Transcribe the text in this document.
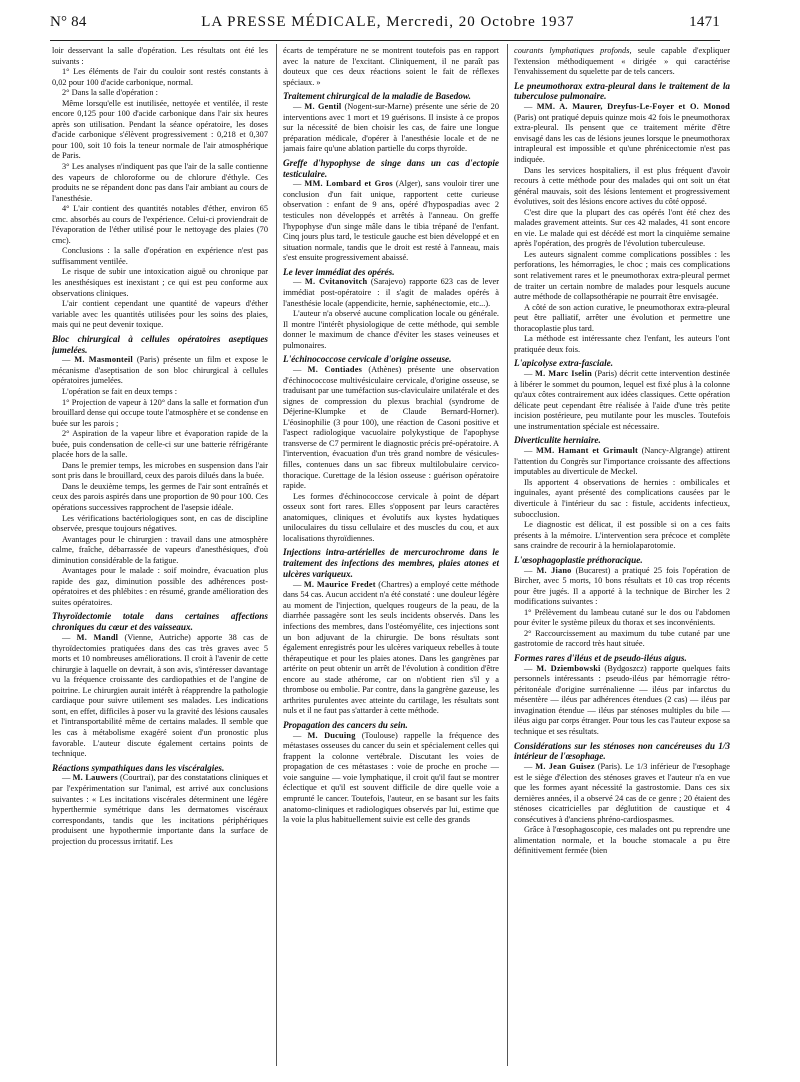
N° 84	LA PRESSE MÉDICALE, Mercredi, 20 Octobre 1937	1471

loir desservant la salle d'opération. Les résultats ont été les suivants :

1° Les éléments de l'air du couloir sont restés constants à 0,02 pour 100 d'acide carbonique, normal.

2° Dans la salle d'opération :

Même lorsqu'elle est inutilisée, nettoyée et ventilée, il reste encore 0,125 pour 100 d'acide carbonique dans l'air six heures après son utilisation. Pendant la séance opératoire, les doses d'acide carbonique s'élèvent progressivement : 0,218 et 0,307 pour 100, soit 10 fois la teneur normale de l'air atmosphérique de Paris.

3° Les analyses n'indiquent pas que l'air de la salle contienne des vapeurs de chloroforme ou de chlorure d'éthyle. Ces produits ne se répandent donc pas dans l'air ambiant au cours de l'anesthésie.

4° L'air contient des quantités notables d'éther, environ 65 cmc. absorbés au cours de l'expérience. Celui-ci proviendrait de l'évaporation de l'éther utilisé pour le nettoyage des plaies (70 cmc).

Conclusions : la salle d'opération en expérience n'est pas suffisamment ventilée.

Le risque de subir une intoxication aiguë ou chronique par les anesthésiques est inexistant ; ce qui est peu conforme aux observations cliniques.

L'air contient cependant une quantité de vapeurs d'éther variable avec les quantités utilisées pour les soins des plaies, mais qui ne peut devenir toxique.

Bloc chirurgical à cellules opératoires aseptiques jumelées.

— M. Masmonteil (Paris) présente un film et expose le mécanisme d'aseptisation de son bloc chirurgical à cellules opératoires jumelées.

L'opération se fait en deux temps :

1° Projection de vapeur à 120° dans la salle et formation d'un brouillard dense qui occupe toute l'atmosphère et se condense en buée sur les parois ;

2° Aspiration de la vapeur libre et évaporation rapide de la buée, puis condensation de celle-ci sur une batterie réfrigérante placée hors de la salle.

Dans le premier temps, les microbes en suspension dans l'air sont pris dans le brouillard, ceux des parois dilués dans la buée.

Dans le deuxième temps, les germes de l'air sont entraînés et ceux des parois aspirés dans une proportion de 90 pour 100. Ces opérations successives rapprochent de l'asepsie idéale.

Les vérifications bactériologiques sont, en cas de discipline observée, presque toujours négatives.

Avantages pour le chirurgien : travail dans une atmosphère calme, fraîche, débarrassée de vapeurs d'anesthésiques, d'où diminution considérable de la fatigue.

Avantages pour le malade : soif moindre, évacuation plus rapide des gaz, diminution possible des adhérences post-opératoires et des phlébites : en résumé, grande amélioration des suites opératoires.

Thyroïdectomie totale dans certaines affections chroniques du cœur et des vaisseaux.

— M. Mandl (Vienne, Autriche) apporte 38 cas de thyroïdectomies pratiquées dans des cas très graves avec 5 morts et 10 nombreuses améliorations. Il croit à l'avenir de cette chirurgie à laquelle on devrait, à son avis, s'intéresser davantage vu la fréquence croissante des cardiopathies et de l'angine de poitrine. Le chirurgien aurait intérêt à réapprendre la pathologie cardiaque pour suivre utilement ses malades. Les indications sont, en effet, difficiles à poser vu la gravité des lésions causales et l'intransportabilité même de certains malades. Il semble que les cas à métabolisme exagéré soient d'un pronostic plus favorable. L'auteur discute également certains points de technique.

Réactions sympathiques dans les viscéralgies.

— M. Lauwers (Courtrai), par des constatations cliniques et par l'expérimentation sur l'animal, est arrivé aux conclusions suivantes : « Les incitations viscérales déterminent une légère hyperthermie symétrique dans les dermatomes viscéraux correspondants, tandis que les incitations périphériques produisent une hypothermie importante dans la surface de projection du processus irritatif. Les

écarts de température ne se montrent toutefois pas en rapport avec la nature de l'excitant. Cliniquement, il ne paraît pas douteux que ces deux réactions soient le fait de réflexes spéciaux. »

Traitement chirurgical de la maladie de Basedow.

— M. Gentil (Nogent-sur-Marne) présente une série de 20 interventions avec 1 mort et 19 guérisons. Il insiste à ce propos sur la nécessité de bien choisir les cas, de faire une longue préparation médicale, d'opérer à l'anesthésie locale et de ne jamais faire qu'une ablation partielle du corps thyroïde.

Greffe d'hypophyse de singe dans un cas d'ectopie testiculaire.

— MM. Lombard et Gros (Alger), sans vouloir tirer une conclusion d'un fait unique, rapportent cette curieuse observation : enfant de 9 ans, opéré d'hypospadias avec 2 testicules non développés et arrêtés à l'anneau. On greffe l'hypophyse d'un singe mâle dans le tibia trépané de l'enfant. Cinq jours plus tard, le testicule gauche est bien développé et en situation normale, tandis que le droit est resté à l'anneau, mais s'est ensuite progressivement abaissé.

Le lever immédiat des opérés.

— M. Cvitanovitch (Sarajevo) rapporte 623 cas de lever immédiat post-opératoire : il s'agit de malades opérés à l'anesthésie locale (appendicite, hernie, saphénectomie, etc...).

L'auteur n'a observé aucune complication locale ou générale. Il montre l'intérêt physiologique de cette méthode, qui semble donner le maximum de chance d'éviter les stases veineuses et pulmonaires.

L'échinococcose cervicale d'origine osseuse.

— M. Contiades (Athènes) présente une observation d'échinococcose multivésiculaire cervicale, d'origine osseuse, se traduisant par une tuméfaction sus-claviculaire unilatérale et des signes de compression du plexus brachial (syndrome de Déjerine-Klumpke et de Claude Bernard-Horner). L'éosinophilie (3 pour 100), une réaction de Casoni positive et l'aspect radiologique vacuolaire polykystique de l'apophyse transverse de C7 permirent le diagnostic précis pré-opératoire. A l'intervention, évacuation d'un très grand nombre de vésicules-filles, contenues dans un sac fibreux multilobulaire cervico-thoracique. Curettage de la lésion osseuse : guérison opératoire rapide.

Les formes d'échinococcose cervicale à point de départ osseux sont fort rares. Elles s'opposent par leurs caractères anatomiques, cliniques et évolutifs aux kystes hydatiques uniloculaires du tissu cellulaire et des muscles du cou, et aux localisations thyroïdiennes.

Injections intra-artérielles de mercurochrome dans le traitement des infections des membres, plaies atones et ulcères variqueux.

— M. Maurice Fredet (Chartres) a employé cette méthode dans 54 cas. Aucun accident n'a été constaté : une douleur légère au moment de l'injection, quelques rougeurs de la peau, de la diarrhée passagère sont les seuls incidents observés. Dans les infections des membres, dans l'ostéomyélite, ces injections sont un bon adjuvant de la chirurgie. De bons résultats sont également enregistrés pour les ulcères variqueux rebelles à toute thérapeutique et pour les plaies atones. Dans les gangrènes par artérite on peut obtenir un arrêt de l'évolution à condition d'être encore au stade athérome, car on n'obtient rien s'il y a thrombose ou embolie. Par contre, dans la gangrène gazeuse, les arthrites purulentes avec atteinte du cartilage, les résultats sont nuls et il ne faut pas s'attarder à cette méthode.

Propagation des cancers du sein.

— M. Ducuing (Toulouse) rappelle la fréquence des métastases osseuses du cancer du sein et spécialement celles qui frappent la colonne vertébrale. Discutant les voies de propagation de ces métastases : voie de proche en proche — voie sanguine — voie lymphatique, il croit qu'il faut se montrer éclectique et qu'il est souvent difficile de dire quelle voie a emprunté le cancer. Toutefois, l'auteur, en se basant sur les faits anatomo-cliniques et radiologiques observés par lui, estime que la voie la plus habituellement suivie est celle des grands

courants lymphatiques profonds, seule capable d'expliquer l'extension méthodiquement « dirigée » qui caractérise l'envahissement du squelette par de tels cancers.

Le pneumothorax extra-pleural dans le traitement de la tuberculose pulmonaire.

— MM. A. Maurer, Dreyfus-Le-Foyer et O. Monod (Paris) ont pratiqué depuis quinze mois 42 fois le pneumothorax extra-pleural. Ils pensent que ce traitement mérite d'être envisagé dans les cas de lésions jeunes lorsque le pneumothorax intrapleural est impossible et qu'une phrénicectomie n'est pas indiquée.

Dans les services hospitaliers, il est plus fréquent d'avoir recours à cette méthode pour des malades qui ont soit un état général mauvais, soit des lésions lentement et progressivement évolutives, soit des lésions encore actives du côté opposé.

C'est dire que la plupart des cas opérés l'ont été chez des malades gravement atteints. Sur ces 42 malades, 41 sont encore en vie. Le malade qui est décédé est mort la cinquième semaine après l'opération, des progrès de l'évolution tuberculeuse.

Les auteurs signalent comme complications possibles : les perforations, les hémorragies, le choc ; mais ces complications sont relativement rares et le pneumothorax extra-pleural permet de traiter un certain nombre de malades pour lesquels aucune autre méthode de collapsothérapie ne pourrait être envisagée.

A côté de son action curative, le pneumothorax extra-pleural peut être palliatif, arrêter une évolution et permettre une thoracoplastie plus tard.

La méthode est intéressante chez l'enfant, les auteurs l'ont pratiquée deux fois.

L'apicolyse extra-fasciale.

— M. Marc Iselin (Paris) décrit cette intervention destinée à libérer le sommet du poumon, lequel est fixé plus à la colonne qu'aux côtes contrairement aux idées classiques. Cette opération délicate peut cependant être réalisée à l'aide d'une très petite incision postérieure, peu mutilante pour les muscles. Toutefois une instrumentation spéciale est nécessaire.

Diverticulite herniaire.

— MM. Hamant et Grimault (Nancy-Algrange) attirent l'attention du Congrès sur l'importance croissante des affections imputables au diverticule de Meckel.

Ils apportent 4 observations de hernies : ombilicales et inguinales, ayant présenté des complications causées par le diverticule à l'intérieur du sac : fistule, accidents infectieux, subocclusion.

Le diagnostic est délicat, il est possible si on a ces faits présents à la mémoire. L'intervention sera précoce et complète sans craindre de recourir à la herniolaparotomie.

L'œsophagoplastie préthoracique.

— M. Jiano (Bucarest) a pratiqué 25 fois l'opération de Bircher, avec 5 morts, 10 bons résultats et 10 cas trop récents pour être jugés. Il a apporté à la technique de Bircher les 2 modifications suivantes :

1° Prélèvement du lambeau cutané sur le dos ou l'abdomen pour éviter le système pileux du thorax et ses inconvénients.

2° Raccourcissement au maximum du tube cutané par une gastrotomie de raccord très haut située.

Formes rares d'iléus et de pseudo-iléus aigus.

— M. Dziembowski (Bydgoszcz) rapporte quelques faits personnels intéressants : pseudo-iléus par hémorragie rétro-péritonéale d'origine surrénalienne — iléus par infarctus du mésentère — iléus par adhérences étendues (2 cas) — iléus par invagination étendue — iléus par sténoses multiples du bile — iléus aigu par corps étranger. Pour tous les cas l'auteur expose sa technique et ses résultats.

Considérations sur les sténoses non cancéreuses du 1/3 intérieur de l'œsophage.

— M. Jean Guisez (Paris). Le 1/3 inférieur de l'œsophage est le siège d'élection des sténoses graves et l'auteur n'a en vue que les formes ayant nécessité la gastrostomie. Dans ces six dernières années, il a observé 24 cas de ce genre ; 20 étaient des sténoses cicatricielles par déglutition de caustique et 4 consécutives à d'anciens phréno-cardiospasmes.

Grâce à l'œsophagoscopie, ces malades ont pu reprendre une alimentation normale, et la bouche stomacale a pu être définitivement fermée (bien
